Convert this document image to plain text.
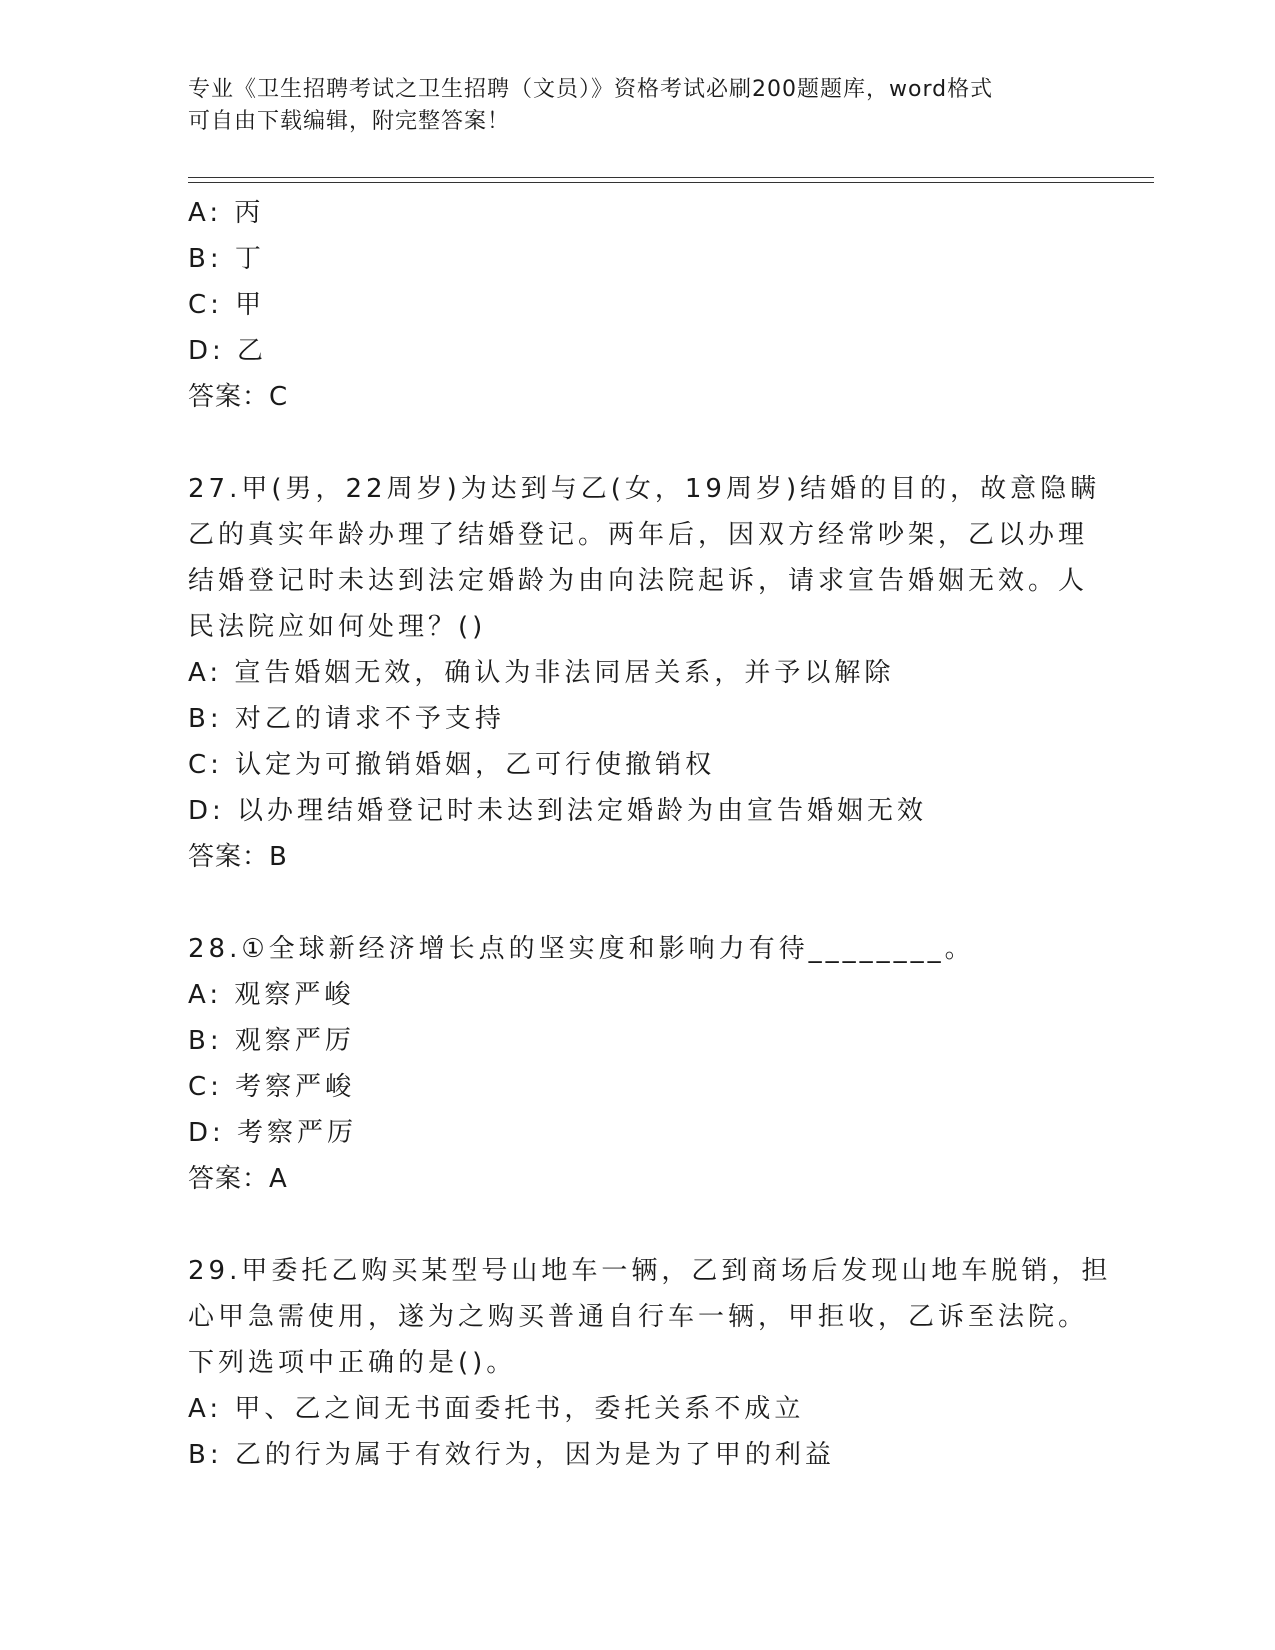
专业《卫生招聘考试之卫生招聘（文员）》资格考试必刷200题题库，word格式
可自由下载编辑，附完整答案！
A: 丙
B: 丁
C: 甲
D: 乙
答案：C
27.甲(男，22周岁)为达到与乙(女，19周岁)结婚的目的，故意隐瞒
乙的真实年龄办理了结婚登记。两年后，因双方经常吵架，乙以办理
结婚登记时未达到法定婚龄为由向法院起诉，请求宣告婚姻无效。人
民法院应如何处理？()
A: 宣告婚姻无效，确认为非法同居关系，并予以解除
B: 对乙的请求不予支持
C: 认定为可撤销婚姻，乙可行使撤销权
D: 以办理结婚登记时未达到法定婚龄为由宣告婚姻无效
答案：B
28.①全球新经济增长点的坚实度和影响力有待________。
A: 观察严峻
B: 观察严厉
C: 考察严峻
D: 考察严厉
答案：A
29.甲委托乙购买某型号山地车一辆，乙到商场后发现山地车脱销，担
心甲急需使用，遂为之购买普通自行车一辆，甲拒收，乙诉至法院。
下列选项中正确的是()。
A: 甲、乙之间无书面委托书，委托关系不成立
B: 乙的行为属于有效行为，因为是为了甲的利益
